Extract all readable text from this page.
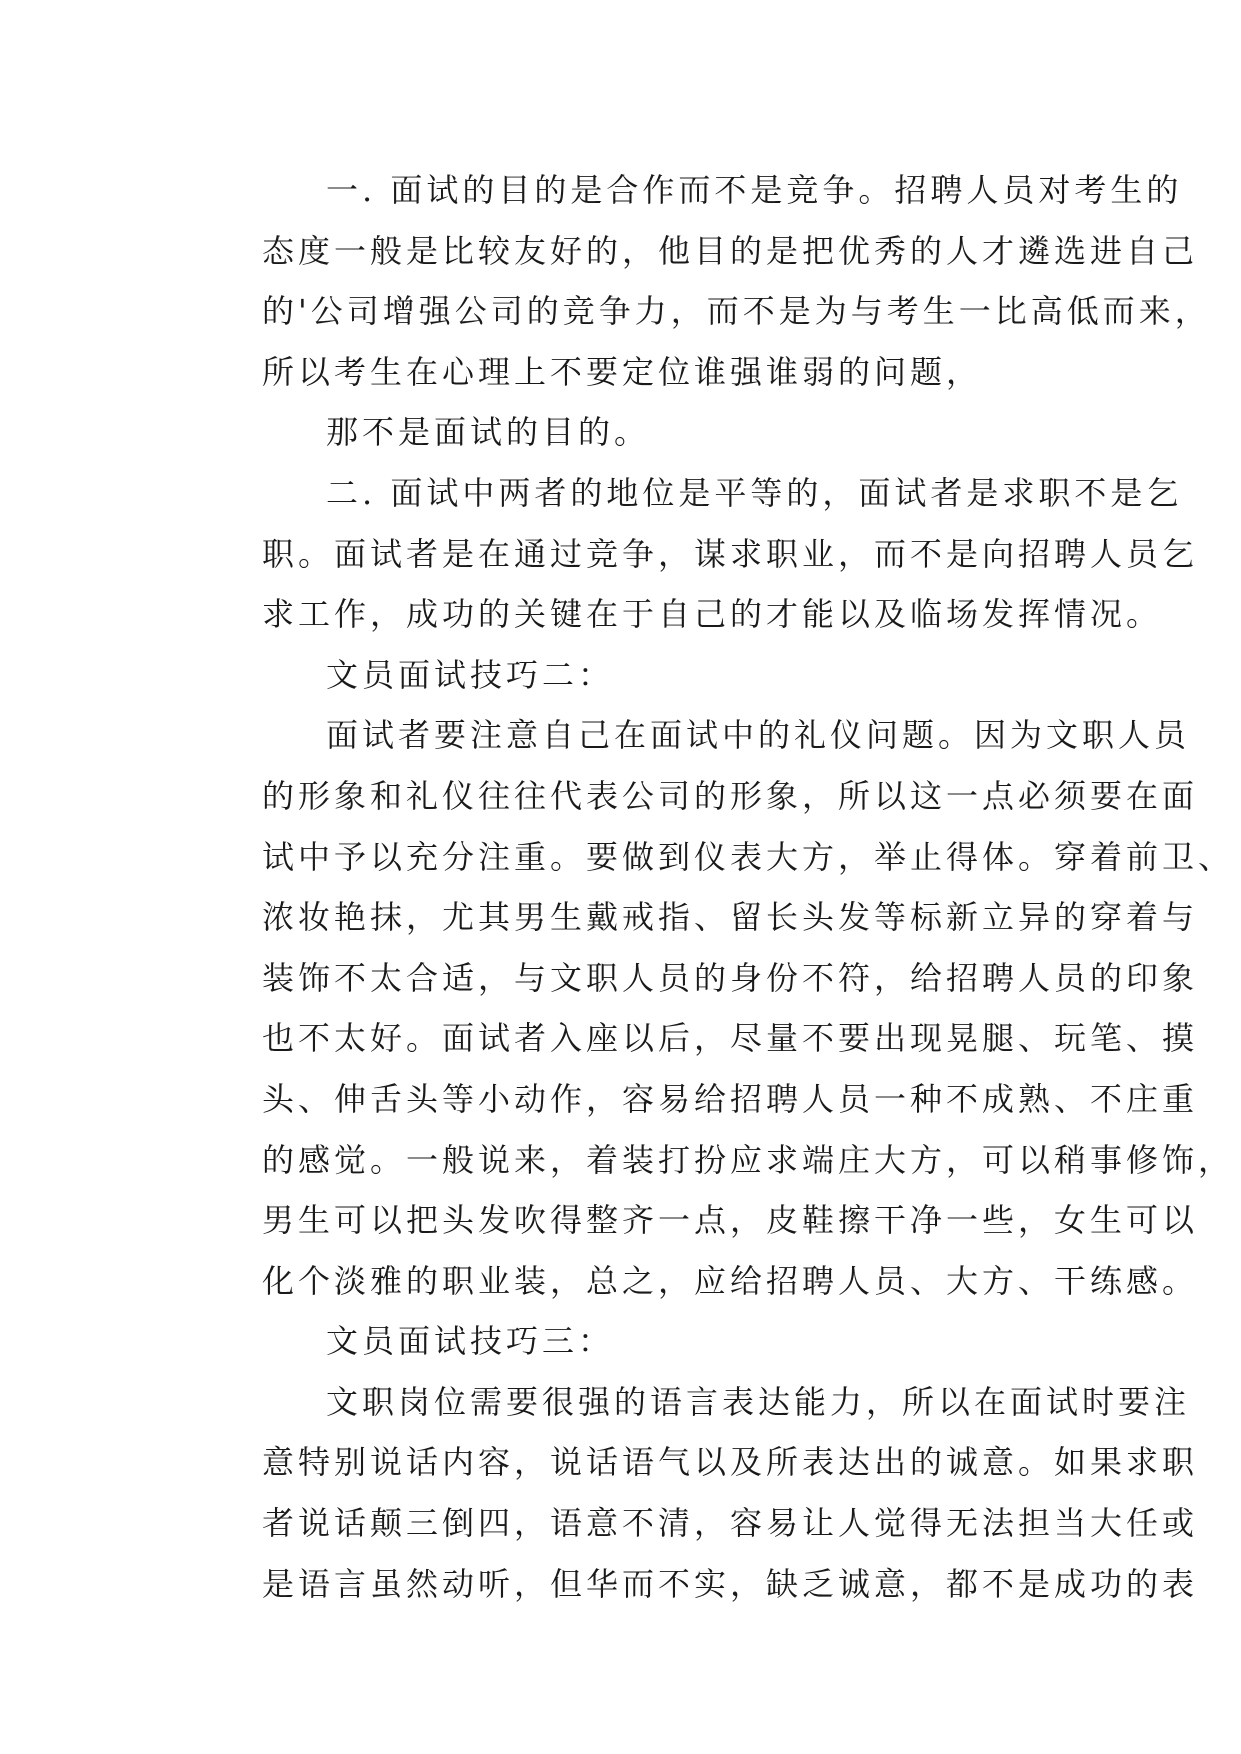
一. 面试的目的是合作而不是竞争。招聘人员对考生的
态度一般是比较友好的，他目的是把优秀的人才遴选进自己
的'公司增强公司的竞争力，而不是为与考生一比高低而来，
所以考生在心理上不要定位谁强谁弱的问题，

那不是面试的目的。

二. 面试中两者的地位是平等的，面试者是求职不是乞
职。面试者是在通过竞争，谋求职业，而不是向招聘人员乞
求工作，成功的关键在于自己的才能以及临场发挥情况。

文员面试技巧二：

面试者要注意自己在面试中的礼仪问题。因为文职人员
的形象和礼仪往往代表公司的形象，所以这一点必须要在面
试中予以充分注重。要做到仪表大方，举止得体。穿着前卫、
浓妆艳抹，尤其男生戴戒指、留长头发等标新立异的穿着与
装饰不太合适，与文职人员的身份不符，给招聘人员的印象
也不太好。面试者入座以后，尽量不要出现晃腿、玩笔、摸
头、伸舌头等小动作，容易给招聘人员一种不成熟、不庄重
的感觉。一般说来，着装打扮应求端庄大方，可以稍事修饰，
男生可以把头发吹得整齐一点，皮鞋擦干净一些，女生可以
化个淡雅的职业装，总之，应给招聘人员、大方、干练感。

文员面试技巧三：

文职岗位需要很强的语言表达能力，所以在面试时要注
意特别说话内容，说话语气以及所表达出的诚意。如果求职
者说话颠三倒四，语意不清，容易让人觉得无法担当大任或
是语言虽然动听，但华而不实，缺乏诚意，都不是成功的表
